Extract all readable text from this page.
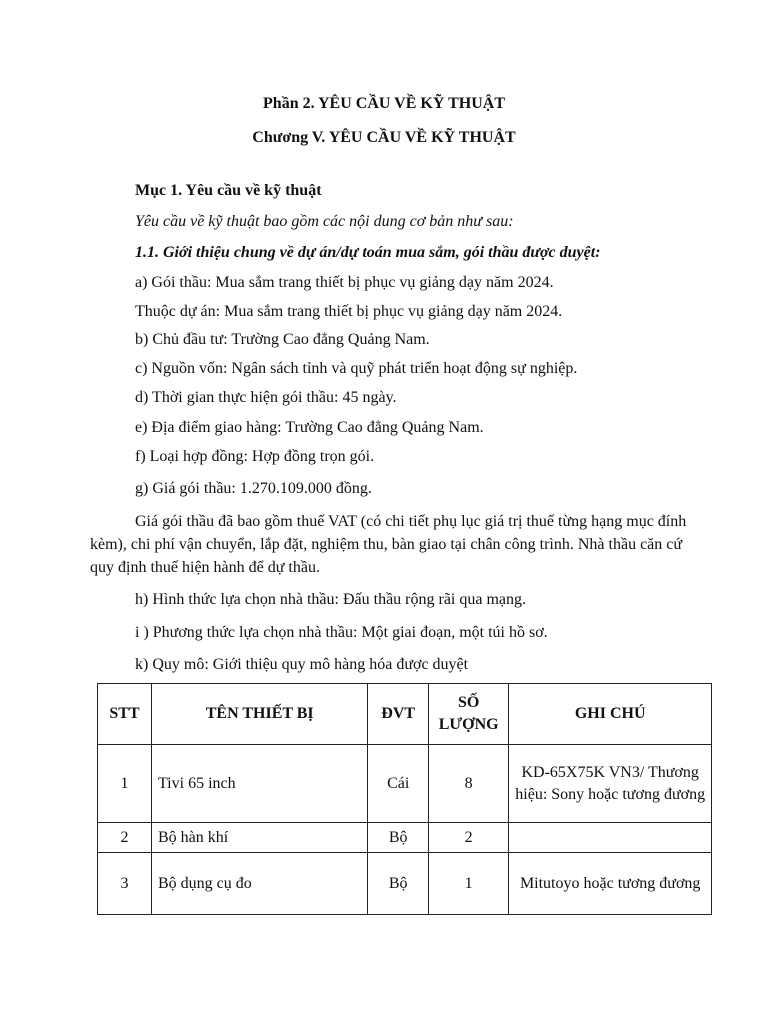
Phần 2. YÊU CẦU VỀ KỸ THUẬT
Chương V. YÊU CẦU VỀ KỸ THUẬT
Mục 1. Yêu cầu về kỹ thuật
Yêu cầu về kỹ thuật bao gồm các nội dung cơ bản như sau:
1.1. Giới thiệu chung về dự án/dự toán mua sắm, gói thầu được duyệt:
a) Gói thầu: Mua sắm trang thiết bị phục vụ giảng dạy năm 2024.
Thuộc dự án: Mua sắm trang thiết bị phục vụ giảng dạy năm 2024.
b) Chủ đầu tư: Trường Cao đẳng Quảng Nam.
c) Nguồn vốn: Ngân sách tỉnh và quỹ phát triển hoạt động sự nghiệp.
d) Thời gian thực hiện gói thầu: 45 ngày.
e) Địa điểm giao hàng: Trường Cao đẳng Quảng Nam.
f) Loại hợp đồng: Hợp đồng trọn gói.
g) Giá gói thầu: 1.270.109.000 đồng.
Giá gói thầu đã bao gồm thuế VAT (có chi tiết phụ lục giá trị thuế từng hạng mục đính kèm), chi phí vận chuyển, lắp đặt, nghiệm thu, bàn giao tại chân công trình. Nhà thầu căn cứ quy định thuế hiện hành để dự thầu.
h) Hình thức lựa chọn nhà thầu: Đấu thầu rộng rãi qua mạng.
i ) Phương thức lựa chọn nhà thầu: Một giai đoạn, một túi hồ sơ.
k) Quy mô: Giới thiệu quy mô hàng hóa được duyệt
STT	TÊN THIẾT BỊ	ĐVT	SỐ LƯỢNG	GHI CHÚ
1	Tivi 65 inch	Cái	8	KD-65X75K VN3/ Thương hiệu: Sony hoặc tương đương
2	Bộ hàn khí	Bộ	2	
3	Bộ dụng cụ đo	Bộ	1	Mitutoyo hoặc tương đương
